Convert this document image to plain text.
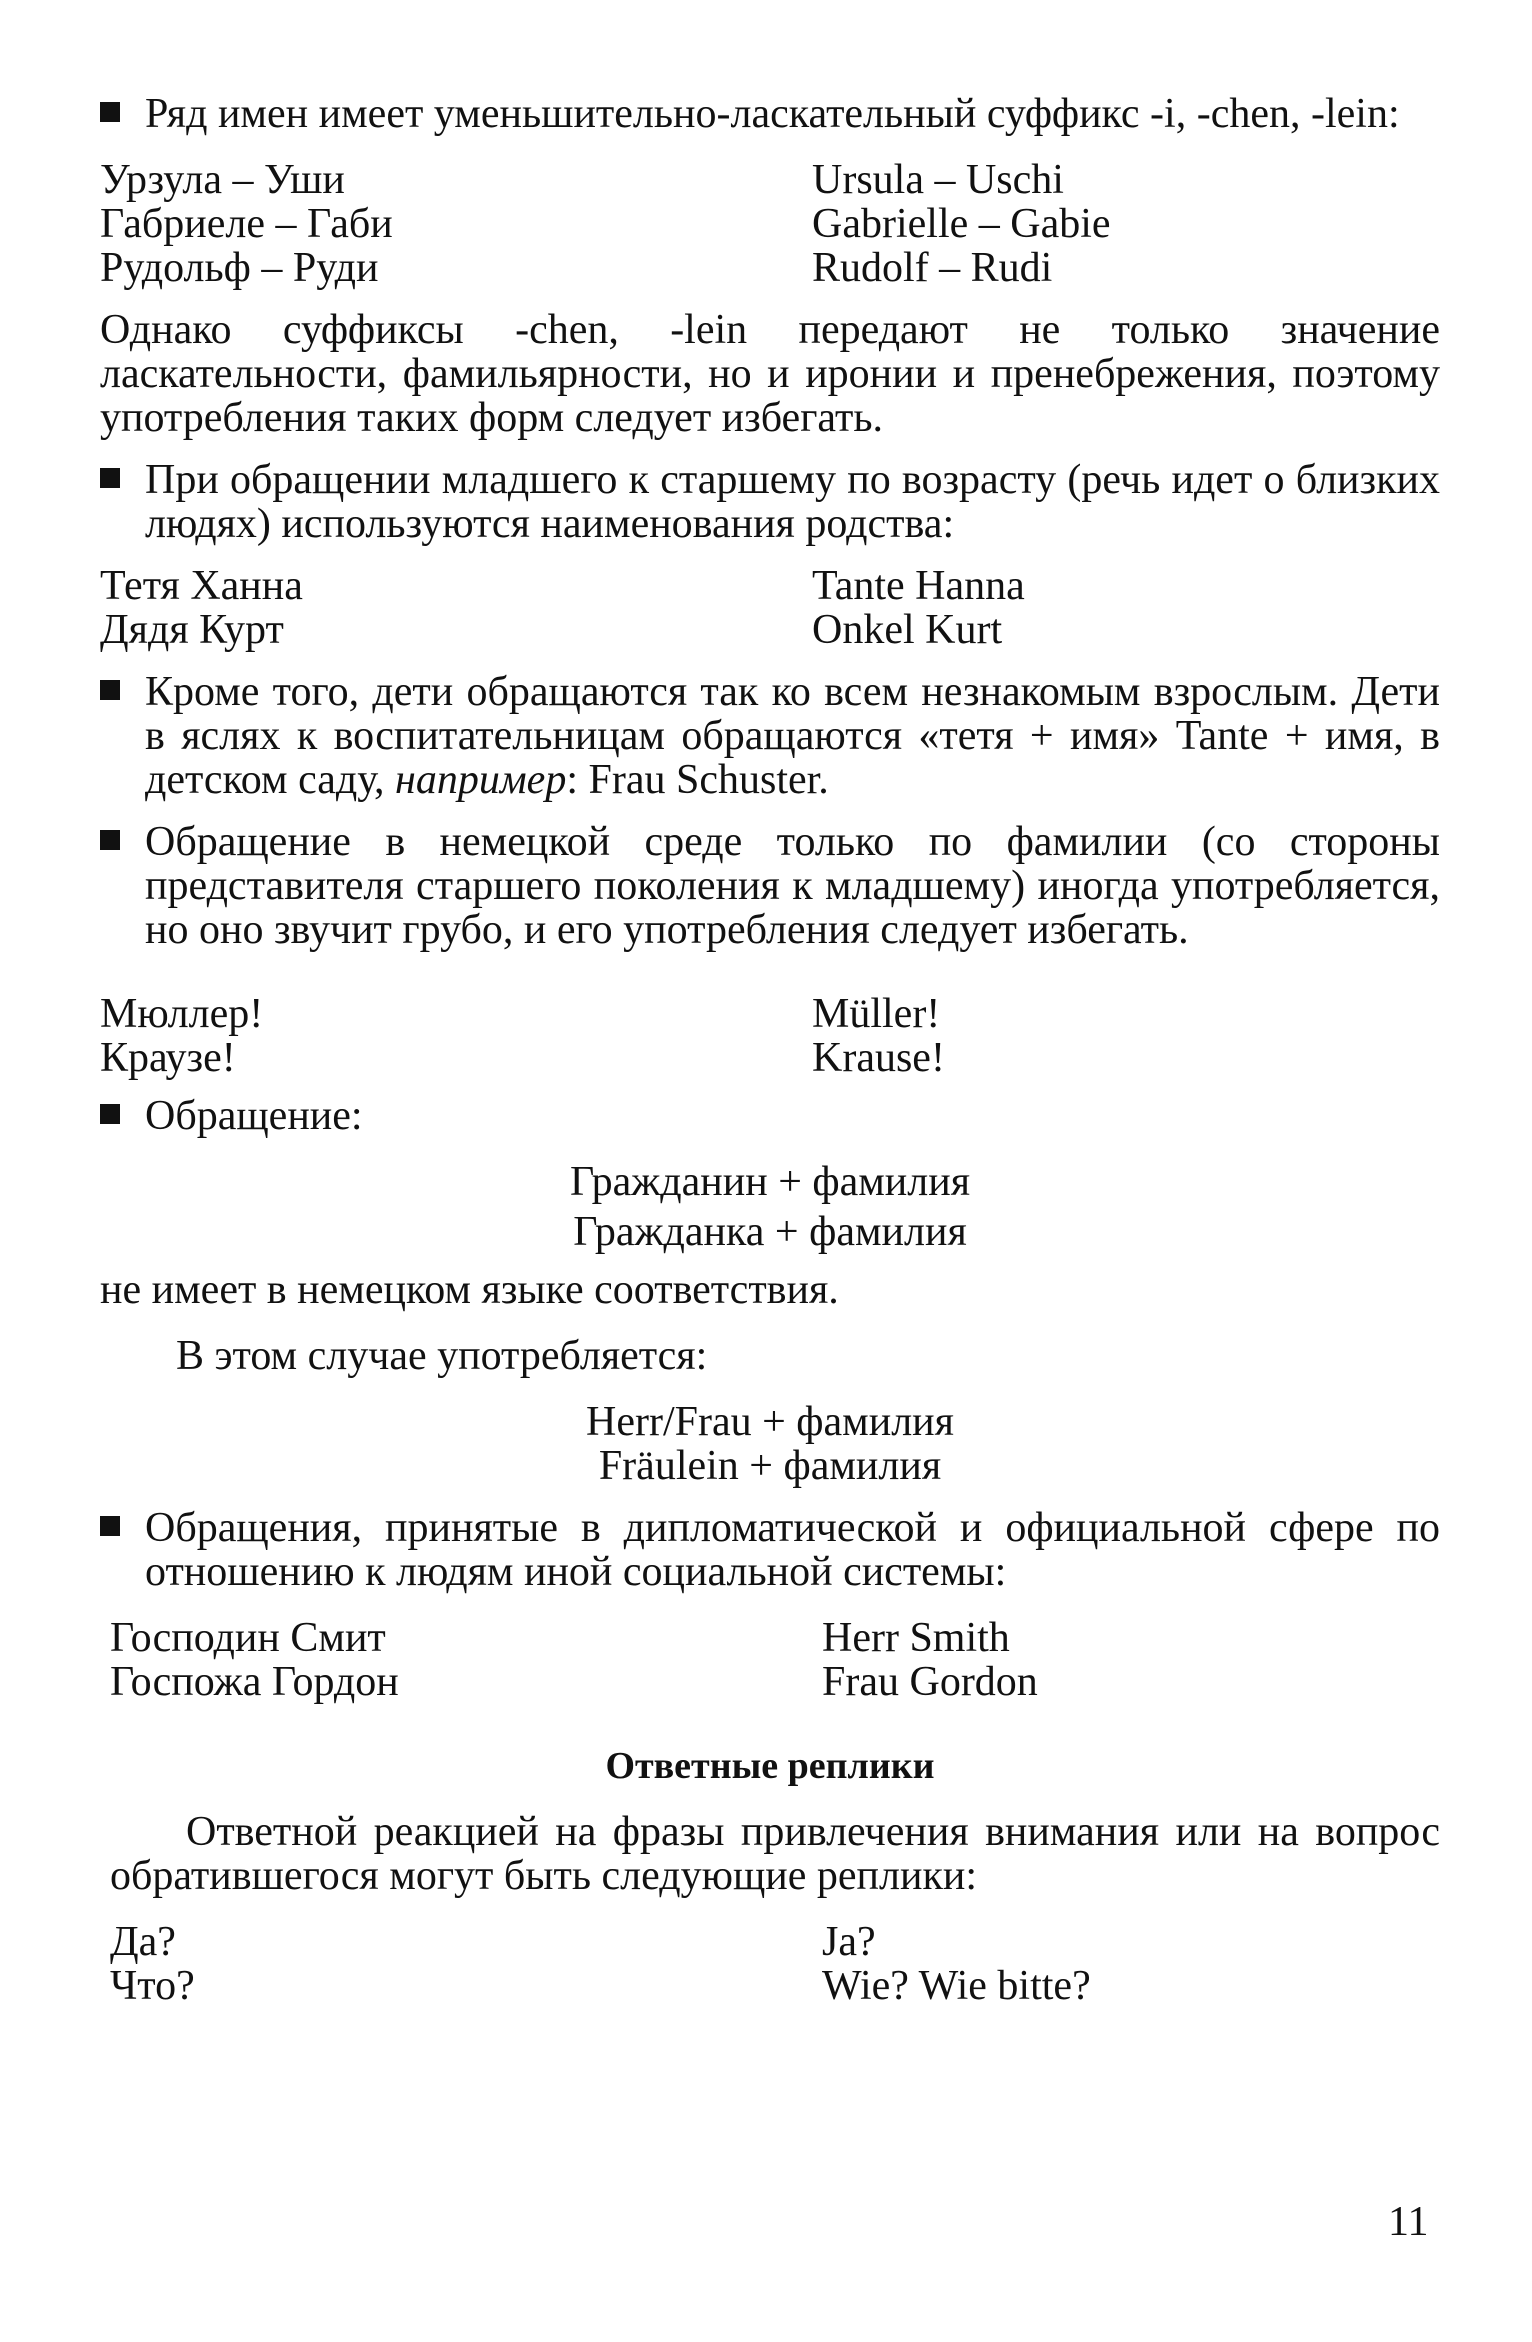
Ряд имен имеет уменьшительно-ласкательный суффикс -i, -chen, -lein:
Урзула – Уши	Ursula – Uschi
Габриеле – Габи	Gabrielle – Gabie
Рудольф – Руди	Rudolf – Rudi

Однако суффиксы -chen, -lein передают не только значение ласкательности, фамильярности, но и иронии и пренебрежения, поэтому употребления таких форм следует избегать.

При обращении младшего к старшему по возрасту (речь идет о близких людях) используются наименования родства:
Тетя Ханна	Tante Hanna
Дядя Курт	Onkel Kurt
Кроме того, дети обращаются так ко всем незнакомым взрослым. Дети в яслях к воспитательницам обращаются «тетя + имя» Tante + имя, в детском саду, например: Frau Schuster.
Обращение в немецкой среде только по фамилии (со стороны представителя старшего поколения к младшему) иногда употребляется, но оно звучит грубо, и его употребления следует избегать.
Мюллер!	Müller!
Краузе!	Krause!
Обращение:
Гражданин + фамилия
Гражданка + фамилия

не имеет в немецком языке соответствия.

В этом случае употребляется:

Herr/Frau + фамилия
Fräulein + фамилия
Обращения, принятые в дипломатической и официальной сфере по отношению к людям иной социальной системы:
Господин Смит	Herr Smith
Госпожа Гордон	Frau Gordon

Ответные реплики

Ответной реакцией на фразы привлечения внимания или на вопрос обратившегося могут быть следующие реплики:

Да?	Ja?
Что?	Wie? Wie bitte?
11
